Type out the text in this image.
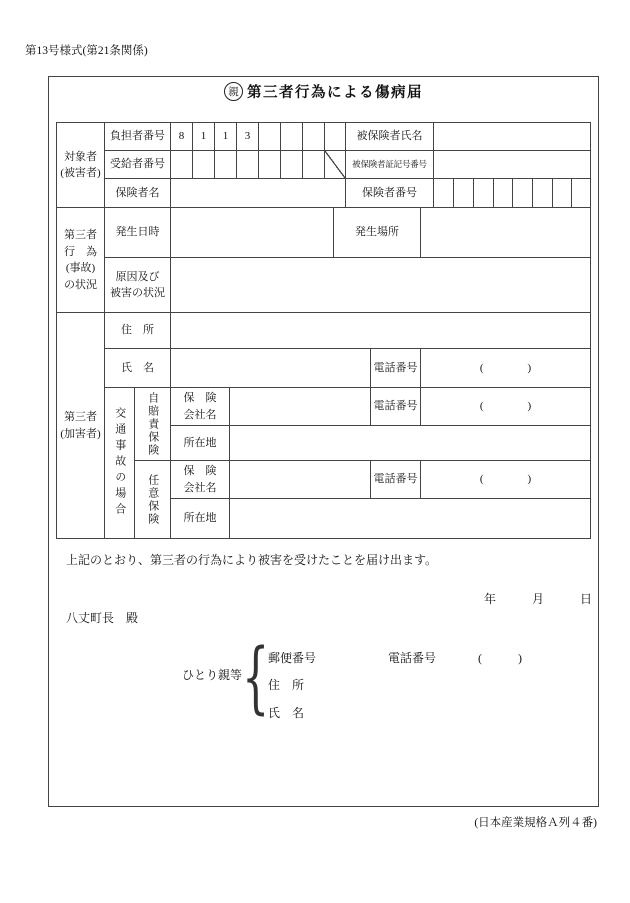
第13号様式(第21条関係)
親 第三者行為による傷病届
対象者
(被害者)
負担者番号	8	1	1	3	被保険者氏名
受給者番号	被保険者証記号番号
保険者名	保険者番号
第三者
行　為
(事故)
の状況
発生日時	発生場所
原因及び
被害の状況
第三者
(加害者)
住　所
氏　名	電話番号	(　　　　)
交通事故の場合	自賠責保険	保　険
会社名
電話番号	(　　　　)
所在地
任意保険
保　険
会社名
電話番号	(　　　　)
所在地
上記のとおり、第三者の行為により被害を受けたことを届け出ます。
年	月	日
八丈町長　殿
ひとり親等 {
郵便番号	電話番号	(　　　)
住　所
氏　名
(日本産業規格Ａ列４番)
